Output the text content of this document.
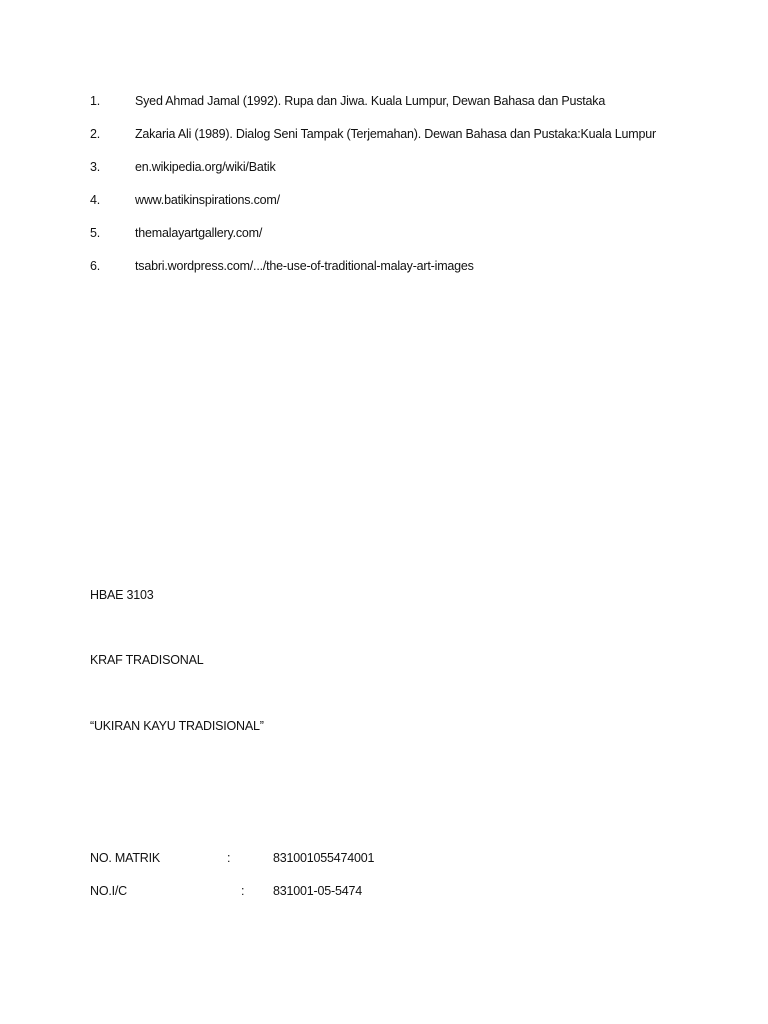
1.	Syed Ahmad Jamal (1992). Rupa dan Jiwa. Kuala Lumpur, Dewan Bahasa dan Pustaka
2.	Zakaria Ali (1989). Dialog Seni Tampak (Terjemahan). Dewan Bahasa dan Pustaka:Kuala Lumpur
3.	en.wikipedia.org/wiki/Batik
4.	www.batikinspirations.com/
5.	themalayartgallery.com/
6.	tsabri.wordpress.com/.../the-use-of-traditional-malay-art-images
HBAE 3103
KRAF TRADISONAL
“UKIRAN KAYU TRADISIONAL”
NO. MATRIK	:	831001055474001
NO.I/C	: 831001-05-5474
